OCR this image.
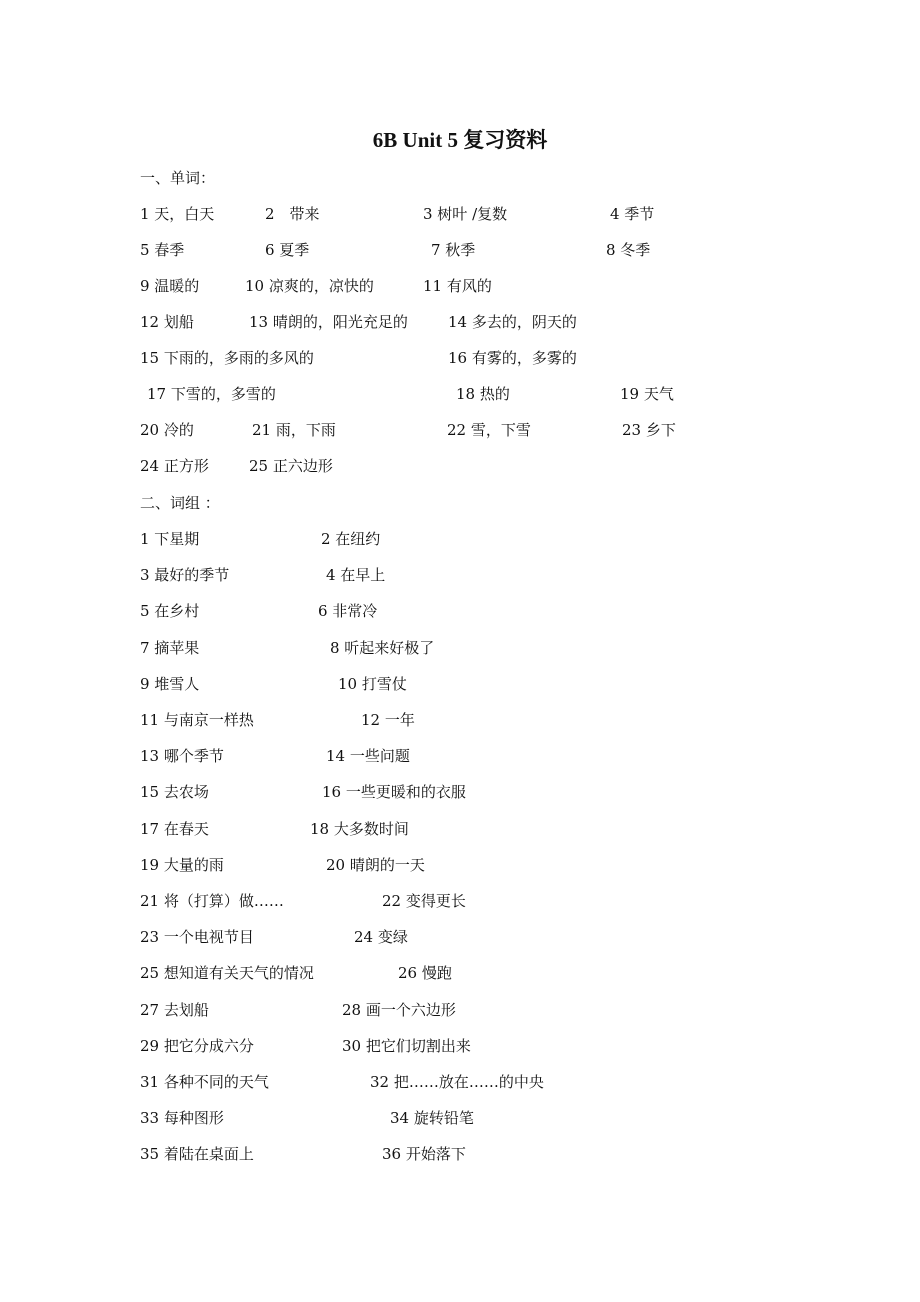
6B Unit 5 复习资料
一、单词：
二、词组 ：
1 天，白天	2　带来	3 树叶 /复数	4 季节
5 春季	6 夏季	7 秋季	8 冬季
9 温暖的	10 凉爽的，凉快的	11 有风的
12 划船	13 晴朗的，阳光充足的	14 多去的，阴天的
15 下雨的，多雨的多风的	16 有雾的，多雾的
17 下雪的，多雪的	18 热的	19 天气
20 冷的	21 雨，下雨	22 雪，下雪	23 乡下
24 正方形	25 正六边形
1 下星期	2 在纽约
3 最好的季节	4 在早上
5 在乡村	6 非常冷
7 摘苹果	8 听起来好极了
9 堆雪人	10 打雪仗
11 与南京一样热	12 一年
13 哪个季节	14 一些问题
15 去农场	16 一些更暖和的衣服
17 在春天	18 大多数时间
19 大量的雨	20 晴朗的一天
21 将（打算）做……	22 变得更长
23 一个电视节目	24 变绿
25 想知道有关天气的情况	26 慢跑
27 去划船	28 画一个六边形
29 把它分成六分	30 把它们切割出来
31 各种不同的天气	32 把……放在……的中央
33 每种图形	34 旋转铅笔
35 着陆在桌面上	36 开始落下
